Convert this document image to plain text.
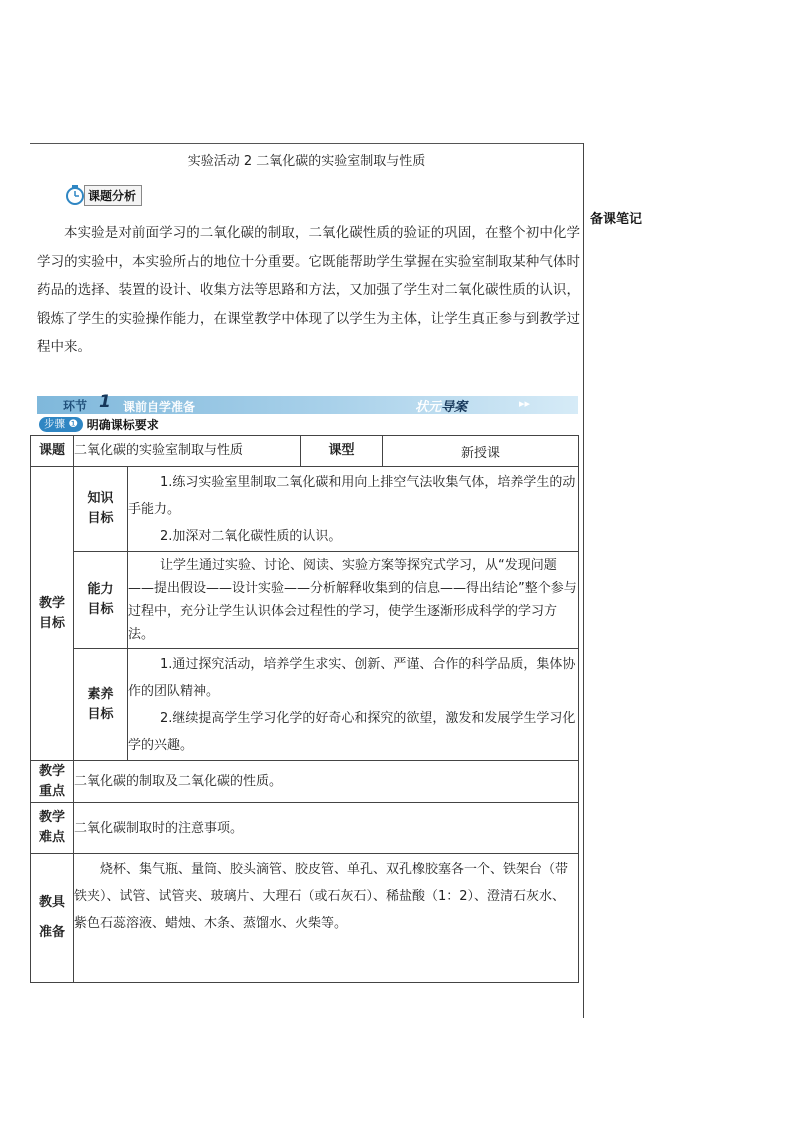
备课笔记
实验活动 2 二氧化碳的实验室制取与性质
课题分析

本实验是对前面学习的二氧化碳的制取，二氧化碳性质的验证的巩固，在整个初中化学学习的实验中，本实验所占的地位十分重要。它既能帮助学生掌握在实验室制取某种气体时药品的选择、装置的设计、收集方法等思路和方法，又加强了学生对二氧化碳性质的认识，锻炼了学生的实验操作能力，在课堂教学中体现了以学生为主体，让学生真正参与到教学过程中来。

环节 1 课前自学准备	状元导案	▸▸
步骤 ❶ 明确课标要求
课题	二氧化碳的实验室制取与性质		课型	新授课

教学目标	知识目标	1.练习实验室里制取二氧化碳和用向上排空气法收集气体，培养学生的动手能力。

2.加深对二氧化碳性质的认识。		

	能力目标	让学生通过实验、讨论、阅读、实验方案等探究式学习，从“发现问题——提出假设——设计实验——分析解释收集到的信息——得出结论”整个参与过程中，充分让学生认识体会过程性的学习，使学生逐渐形成科学的学习方法。		

	素养目标	1.通过探究活动，培养学生求实、创新、严谨、合作的科学品质，集体协作的团队精神。

2.继续提高学生学习化学的好奇心和探究的欲望，激发和发展学生学习化学的兴趣。		

教学重点	二氧化碳的制取及二氧化碳的性质。			

教学难点	二氧化碳制取时的注意事项。			

教具准备	烧杯、集气瓶、量筒、胶头滴管、胶皮管、单孔、双孔橡胶塞各一个、铁架台（带铁夹）、试管、试管夹、玻璃片、大理石（或石灰石）、稀盐酸（1：2）、澄清石灰水、紫色石蕊溶液、蜡烛、木条、蒸馏水、火柴等。			
